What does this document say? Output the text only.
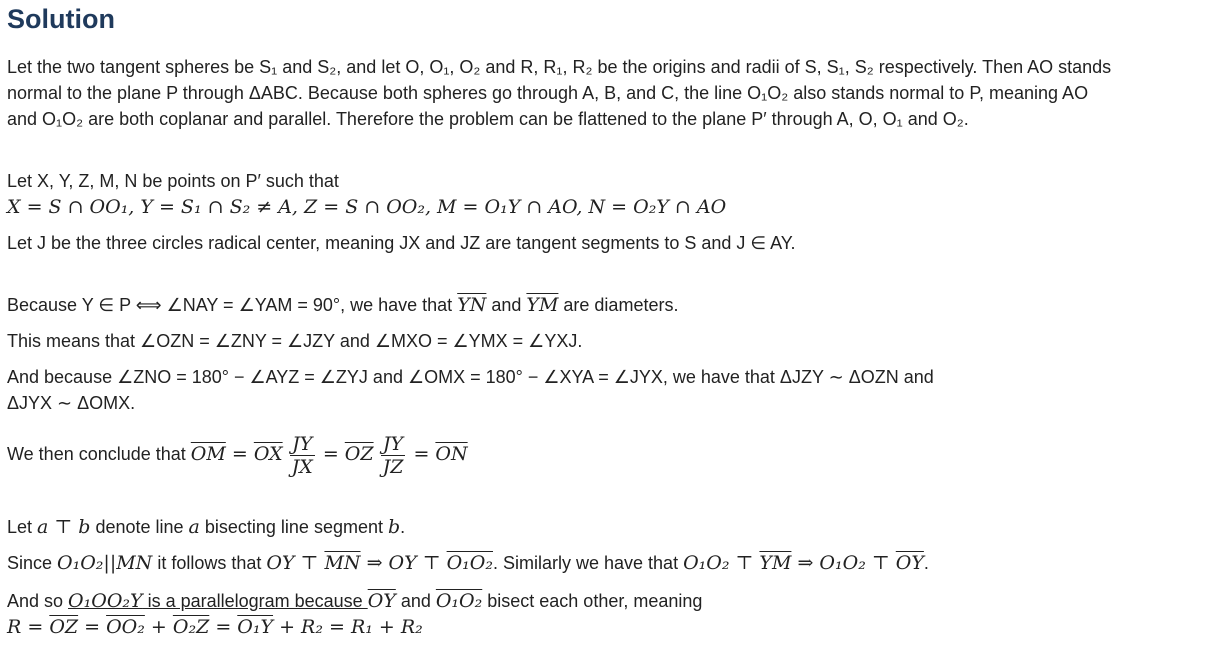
Solution
Let the two tangent spheres be S₁ and S₂, and let O, O₁, O₂ and R, R₁, R₂ be the origins and radii of S, S₁, S₂ respectively. Then AO stands
normal to the plane P through ΔABC. Because both spheres go through A, B, and C, the line O₁O₂ also stands normal to P, meaning AO
and O₁O₂ are both coplanar and parallel. Therefore the problem can be flattened to the plane P′ through A, O, O₁ and O₂.
Let X, Y, Z, M, N be points on P′ such that
X = S ∩ OO₁, Y = S₁ ∩ S₂ ≠ A, Z = S ∩ OO₂, M = O₁Y ∩ AO, N = O₂Y ∩ AO
Let J be the three circles radical center, meaning JX and JZ are tangent segments to S and J ∈ AY.
Because Y ∈ P ⟺ ∠NAY = ∠YAM = 90°, we have that $\overline{YN}$ and $\overline{YM}$ are diameters.
This means that ∠OZN = ∠ZNY = ∠JZY and ∠MXO = ∠YMX = ∠YXJ.
And because ∠ZNO = 180° − ∠AYZ = ∠ZYJ and ∠OMX = 180° − ∠XYA = ∠JYX, we have that ΔJZY ∼ ΔOZN and
ΔJYX ∼ ΔOMX.
We then conclude that $\overline{OM} = \overline{OX} \frac{JY}{JX} = \overline{OZ} \frac{JY}{JZ} = \overline{ON}$
Let a ⊤ b denote line a bisecting line segment b.
Since O₁O₂||MN it follows that OY ⊤ $\overline{MN}$ ⇒ OY ⊤ O₁O₂. Similarly we have that O₁O₂ ⊤ $\overline{YM}$ ⇒ O₁O₂ ⊤ $\overline{OY}$.
And so O₁OO₂Y is a parallelogram because $\overline{OY}$ and O₁O₂ bisect each other, meaning
$R = \overline{OZ} = OO_2 + O_2Z = O_1Y + R_2 = R_1 + R_2$
